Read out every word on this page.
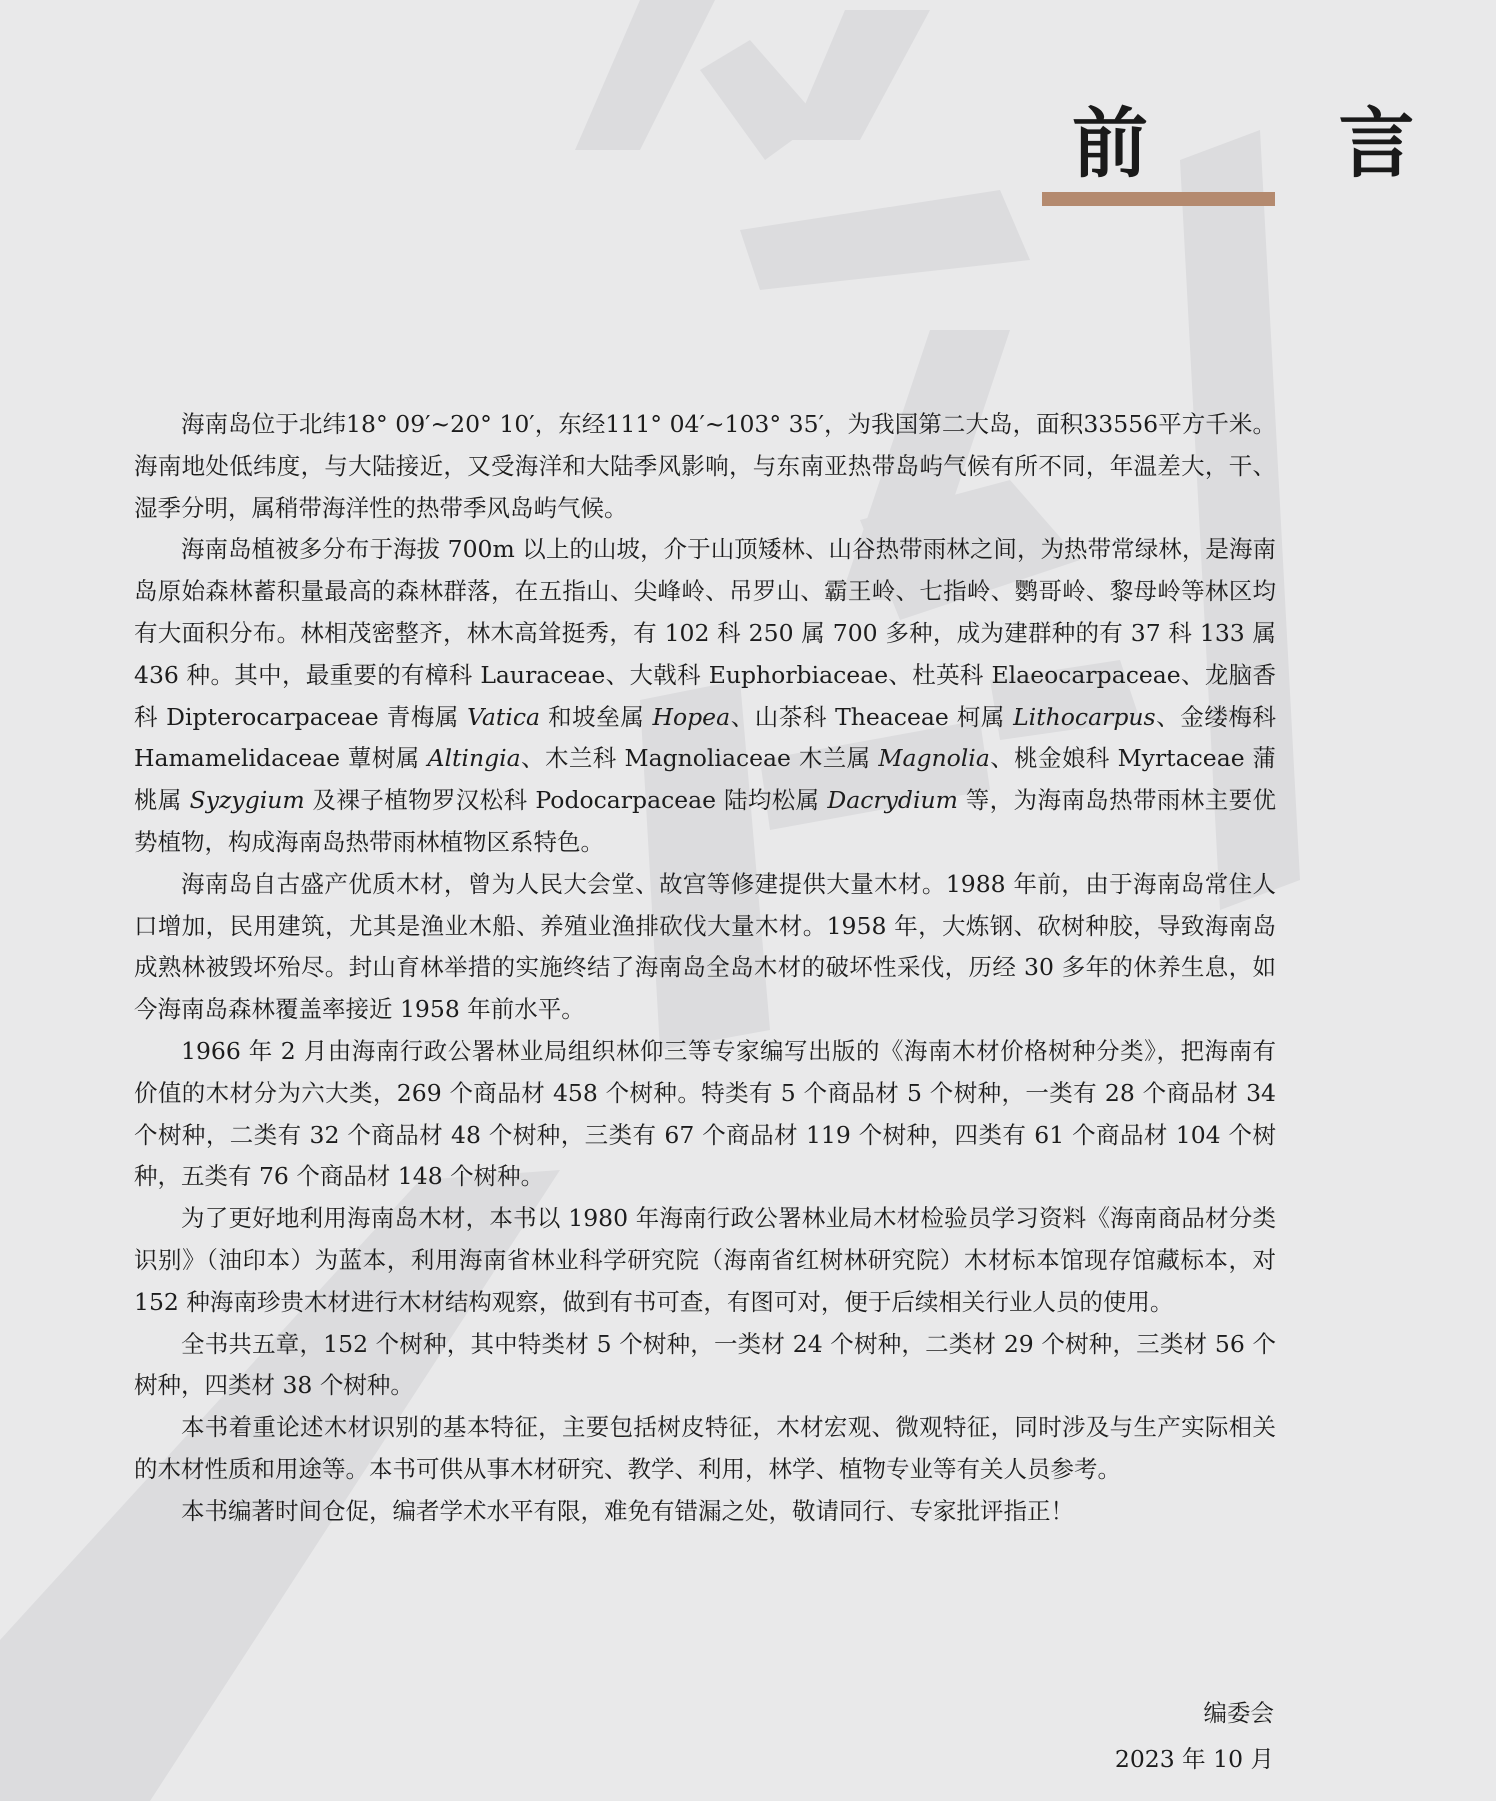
前 言

海南岛位于北纬18° 09′~20° 10′，东经111° 04′~103° 35′，为我国第二大岛，面积33556平方千米。海南地处低纬度，与大陆接近，又受海洋和大陆季风影响，与东南亚热带岛屿气候有所不同，年温差大，干、湿季分明，属稍带海洋性的热带季风岛屿气候。

海南岛植被多分布于海拔 700m 以上的山坡，介于山顶矮林、山谷热带雨林之间，为热带常绿林，是海南岛原始森林蓄积量最高的森林群落，在五指山、尖峰岭、吊罗山、霸王岭、七指岭、鹦哥岭、黎母岭等林区均有大面积分布。林相茂密整齐，林木高耸挺秀，有 102 科 250 属 700 多种，成为建群种的有 37 科 133 属 436 种。其中，最重要的有樟科 Lauraceae、大戟科 Euphorbiaceae、杜英科 Elaeocarpaceae、龙脑香科 Dipterocarpaceae 青梅属 Vatica 和坡垒属 Hopea、山茶科 Theaceae 柯属 Lithocarpus、金缕梅科 Hamamelidaceae 蕈树属 Altingia、木兰科 Magnoliaceae 木兰属 Magnolia、桃金娘科 Myrtaceae 蒲桃属 Syzygium 及裸子植物罗汉松科 Podocarpaceae 陆均松属 Dacrydium 等，为海南岛热带雨林主要优势植物，构成海南岛热带雨林植物区系特色。

海南岛自古盛产优质木材，曾为人民大会堂、故宫等修建提供大量木材。1988 年前，由于海南岛常住人口增加，民用建筑，尤其是渔业木船、养殖业渔排砍伐大量木材。1958 年，大炼钢、砍树种胶，导致海南岛成熟林被毁坏殆尽。封山育林举措的实施终结了海南岛全岛木材的破坏性采伐，历经 30 多年的休养生息，如今海南岛森林覆盖率接近 1958 年前水平。

1966 年 2 月由海南行政公署林业局组织林仰三等专家编写出版的《海南木材价格树种分类》，把海南有价值的木材分为六大类，269 个商品材 458 个树种。特类有 5 个商品材 5 个树种，一类有 28 个商品材 34 个树种，二类有 32 个商品材 48 个树种，三类有 67 个商品材 119 个树种，四类有 61 个商品材 104 个树种，五类有 76 个商品材 148 个树种。

为了更好地利用海南岛木材，本书以 1980 年海南行政公署林业局木材检验员学习资料《海南商品材分类识别》（油印本）为蓝本，利用海南省林业科学研究院（海南省红树林研究院）木材标本馆现存馆藏标本，对 152 种海南珍贵木材进行木材结构观察，做到有书可查，有图可对，便于后续相关行业人员的使用。

全书共五章，152 个树种，其中特类材 5 个树种，一类材 24 个树种，二类材 29 个树种，三类材 56 个树种，四类材 38 个树种。

本书着重论述木材识别的基本特征，主要包括树皮特征，木材宏观、微观特征，同时涉及与生产实际相关的木材性质和用途等。本书可供从事木材研究、教学、利用，林学、植物专业等有关人员参考。

本书编著时间仓促，编者学术水平有限，难免有错漏之处，敬请同行、专家批评指正！

编委会

2023 年 10 月
